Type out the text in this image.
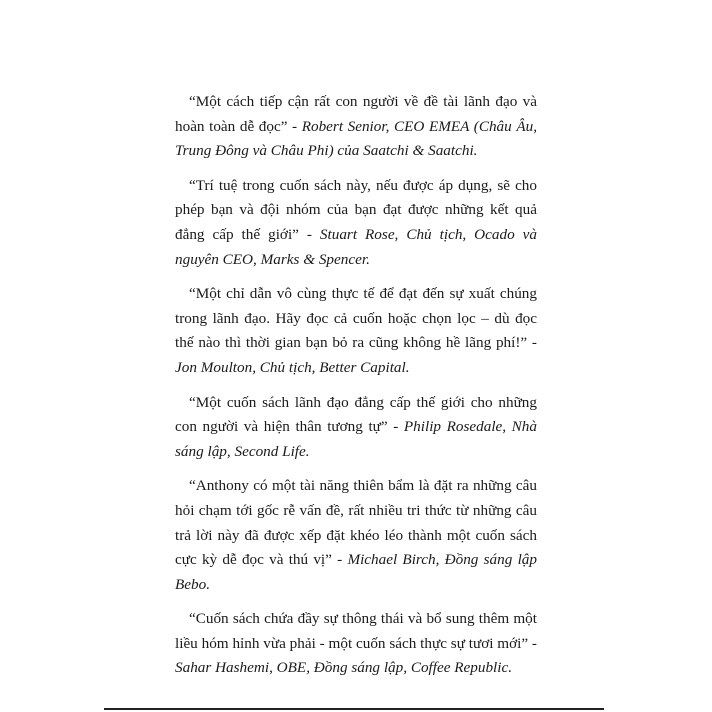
“Một cách tiếp cận rất con người về đề tài lãnh đạo và hoàn toàn dễ đọc” - Robert Senior, CEO EMEA (Châu Âu, Trung Đông và Châu Phi) của Saatchi & Saatchi.

“Trí tuệ trong cuốn sách này, nếu được áp dụng, sẽ cho phép bạn và đội nhóm của bạn đạt được những kết quả đẳng cấp thế giới” - Stuart Rose, Chủ tịch, Ocado và nguyên CEO, Marks & Spencer.

“Một chỉ dẫn vô cùng thực tế để đạt đến sự xuất chúng trong lãnh đạo. Hãy đọc cả cuốn hoặc chọn lọc – dù đọc thế nào thì thời gian bạn bỏ ra cũng không hề lãng phí!” - Jon Moulton, Chủ tịch, Better Capital.

“Một cuốn sách lãnh đạo đẳng cấp thế giới cho những con người và hiện thân tương tự” - Philip Rosedale, Nhà sáng lập, Second Life.

“Anthony có một tài năng thiên bẩm là đặt ra những câu hỏi chạm tới gốc rễ vấn đề, rất nhiều tri thức từ những câu trả lời này đã được xếp đặt khéo léo thành một cuốn sách cực kỳ dễ đọc và thú vị” - Michael Birch, Đồng sáng lập Bebo.

“Cuốn sách chứa đầy sự thông thái và bổ sung thêm một liều hóm hỉnh vừa phải - một cuốn sách thực sự tươi mới” - Sahar Hashemi, OBE, Đồng sáng lập, Coffee Republic.
